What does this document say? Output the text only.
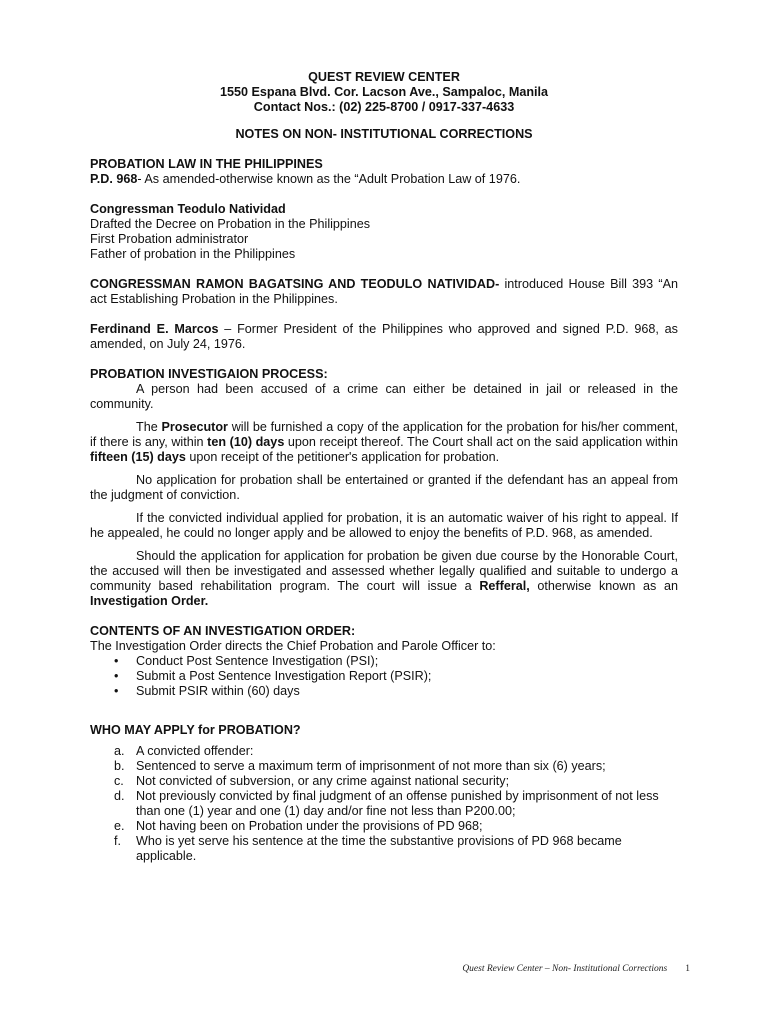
QUEST REVIEW CENTER
1550 Espana Blvd. Cor. Lacson Ave., Sampaloc, Manila
Contact Nos.: (02) 225-8700 / 0917-337-4633
NOTES ON NON- INSTITUTIONAL CORRECTIONS
PROBATION LAW IN THE PHILIPPINES

P.D. 968- As amended-otherwise known as the “Adult Probation Law of 1976.

Congressman Teodulo Natividad

Drafted the Decree on Probation in the Philippines

First Probation administrator

Father of probation in the Philippines

CONGRESSMAN RAMON BAGATSING AND TEODULO NATIVIDAD- introduced House Bill 393 “An act Establishing Probation in the Philippines.

Ferdinand E. Marcos – Former President of the Philippines who approved and signed P.D. 968, as amended, on July 24, 1976.

PROBATION INVESTIGAION PROCESS:

A person had been accused of a crime can either be detained in jail or released in the community.

The Prosecutor will be furnished a copy of the application for the probation for his/her comment, if there is any, within ten (10) days upon receipt thereof. The Court shall act on the said application within fifteen (15) days upon receipt of the petitioner's application for probation.

No application for probation shall be entertained or granted if the defendant has an appeal from the judgment of conviction.

If the convicted individual applied for probation, it is an automatic waiver of his right to appeal. If he appealed, he could no longer apply and be allowed to enjoy the benefits of P.D. 968, as amended.

Should the application for application for probation be given due course by the Honorable Court, the accused will then be investigated and assessed whether legally qualified and suitable to undergo a community based rehabilitation program. The court will issue a Refferal, otherwise known as an Investigation Order.

CONTENTS OF AN INVESTIGATION ORDER:

The Investigation Order directs the Chief Probation and Parole Officer to:

• Conduct Post Sentence Investigation (PSI);
• Submit a Post Sentence Investigation Report (PSIR);
• Submit PSIR within (60) days
WHO MAY APPLY for PROBATION?
a. A convicted offender:
b. Sentenced to serve a maximum term of imprisonment of not more than six (6) years;
c. Not convicted of subversion, or any crime against national security;
d. Not previously convicted by final judgment of an offense punished by imprisonment of not less than one (1) year and one (1) day and/or fine not less than P200.00;
e. Not having been on Probation under the provisions of PD 968;
f. Who is yet serve his sentence at the time the substantive provisions of PD 968 became applicable.
Quest Review Center – Non- Institutional Corrections 1
